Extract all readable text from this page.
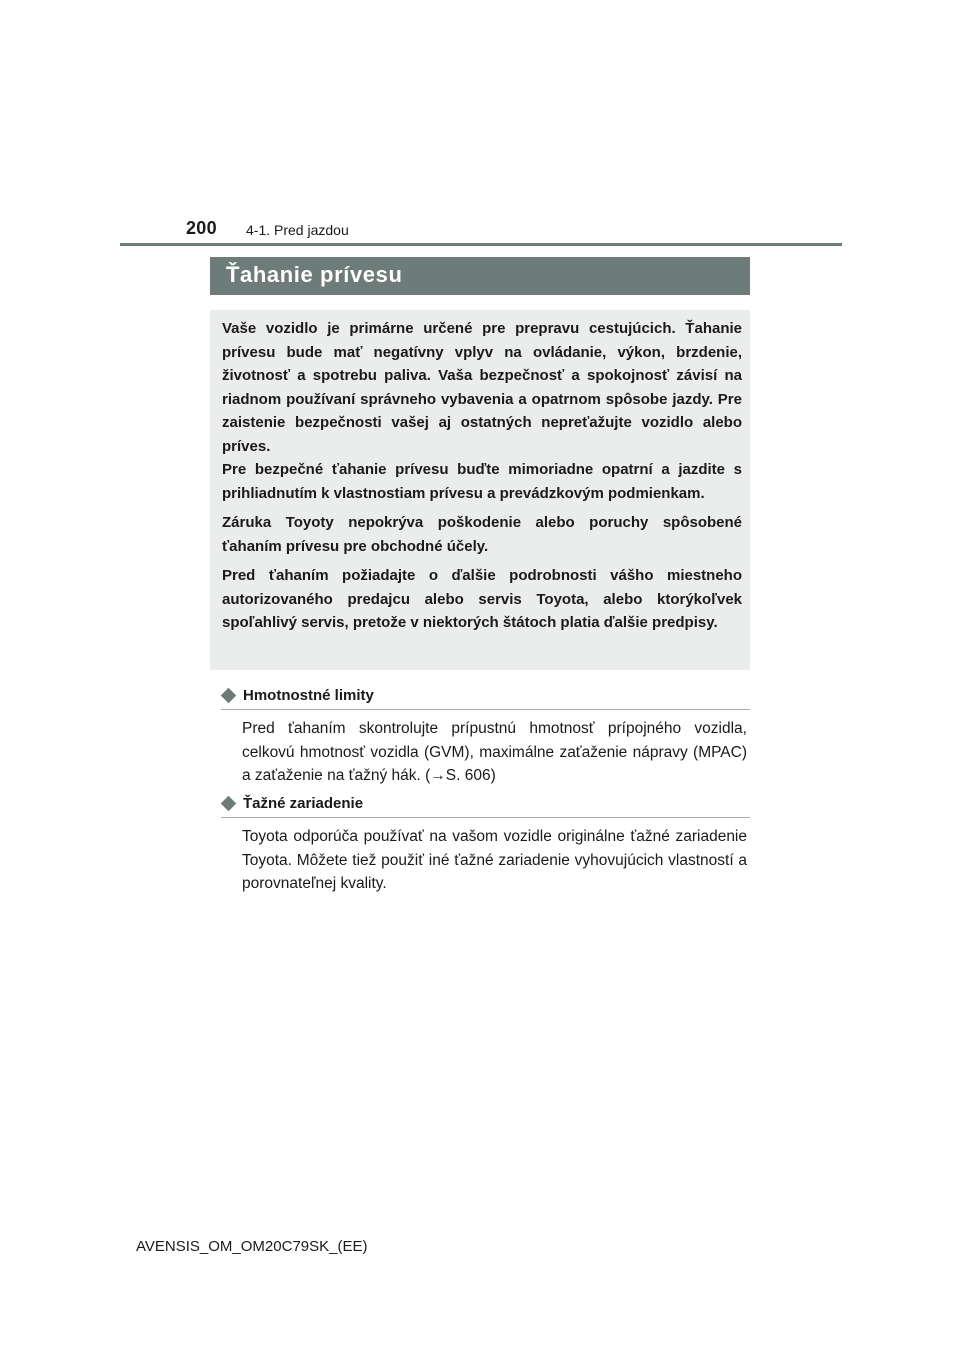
200 4-1. Pred jazdou
Ťahanie prívesu

Vaše vozidlo je primárne určené pre prepravu cestujúcich. Ťahanie prívesu bude mať negatívny vplyv na ovládanie, výkon, brzdenie, životnosť a spotrebu paliva. Vaša bezpečnosť a spokojnosť závisí na riadnom používaní správneho vybavenia a opatrnom spôsobe jazdy. Pre zaistenie bezpečnosti vašej aj ostatných nepreťažujte vozidlo alebo príves.

Pre bezpečné ťahanie prívesu buďte mimoriadne opatrní a jazdite s prihliadnutím k vlastnostiam prívesu a prevádzkovým podmienkam.

Záruka Toyoty nepokrýva poškodenie alebo poruchy spôsobené ťahaním prívesu pre obchodné účely.

Pred ťahaním požiadajte o ďalšie podrobnosti vášho miestneho autorizovaného predajcu alebo servis Toyota, alebo ktorýkoľvek spoľahlivý servis, pretože v niektorých štátoch platia ďalšie predpisy.

Hmotnostné limity
Pred ťahaním skontrolujte prípustnú hmotnosť prípojného vozidla, celkovú hmotnosť vozidla (GVM), maximálne zaťaženie nápravy (MPAC) a zaťaženie na ťažný hák. (→S. 606)
Ťažné zariadenie
Toyota odporúča používať na vašom vozidle originálne ťažné zariadenie Toyota. Môžete tiež použiť iné ťažné zariadenie vyhovujúcich vlastností a porovnateľnej kvality.
AVENSIS_OM_OM20C79SK_(EE)
